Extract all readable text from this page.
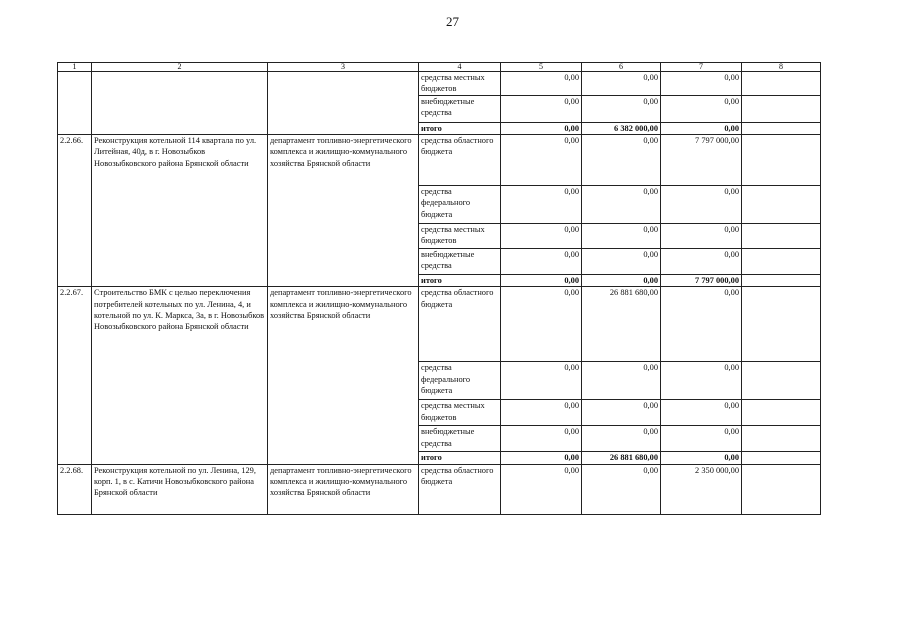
27
1	2	3	4	5	6	7	8
			средства местных бюджетов	0,00	0,00	0,00	
			внебюджетные средства	0,00	0,00	0,00	
			итого	0,00	6 382 000,00	0,00	
2.2.66.	Реконструкция котельной 114 квартала по ул. Литейная, 40д, в г. Новозыбков Новозыбковского района Брянской области	департамент топливно-энергетического комплекса и жилищно-коммунального хозяйства Брянской области	средства областного бюджета	0,00	0,00	7 797 000,00	
			средства федерального бюджета	0,00	0,00	0,00	
			средства местных бюджетов	0,00	0,00	0,00	
			внебюджетные средства	0,00	0,00	0,00	
			итого	0,00	0,00	7 797 000,00	
2.2.67.	Строительство БМК с целью переключения потребителей котельных по ул. Ленина, 4, и котельной по ул. К. Маркса, 3а, в г. Новозыбков Новозыбковского района Брянской области	департамент топливно-энергетического комплекса и жилищно-коммунального хозяйства Брянской области	средства областного бюджета	0,00	26 881 680,00	0,00	
			средства федерального бюджета	0,00	0,00	0,00	
			средства местных бюджетов	0,00	0,00	0,00	
			внебюджетные средства	0,00	0,00	0,00	
			итого	0,00	26 881 680,00	0,00	
2.2.68.	Реконструкция котельной по ул. Ленина, 129, корп. 1, в с. Катичи Новозыбковского района Брянской области	департамент топливно-энергетического комплекса и жилищно-коммунального хозяйства Брянской области	средства областного бюджета	0,00	0,00	2 350 000,00	
